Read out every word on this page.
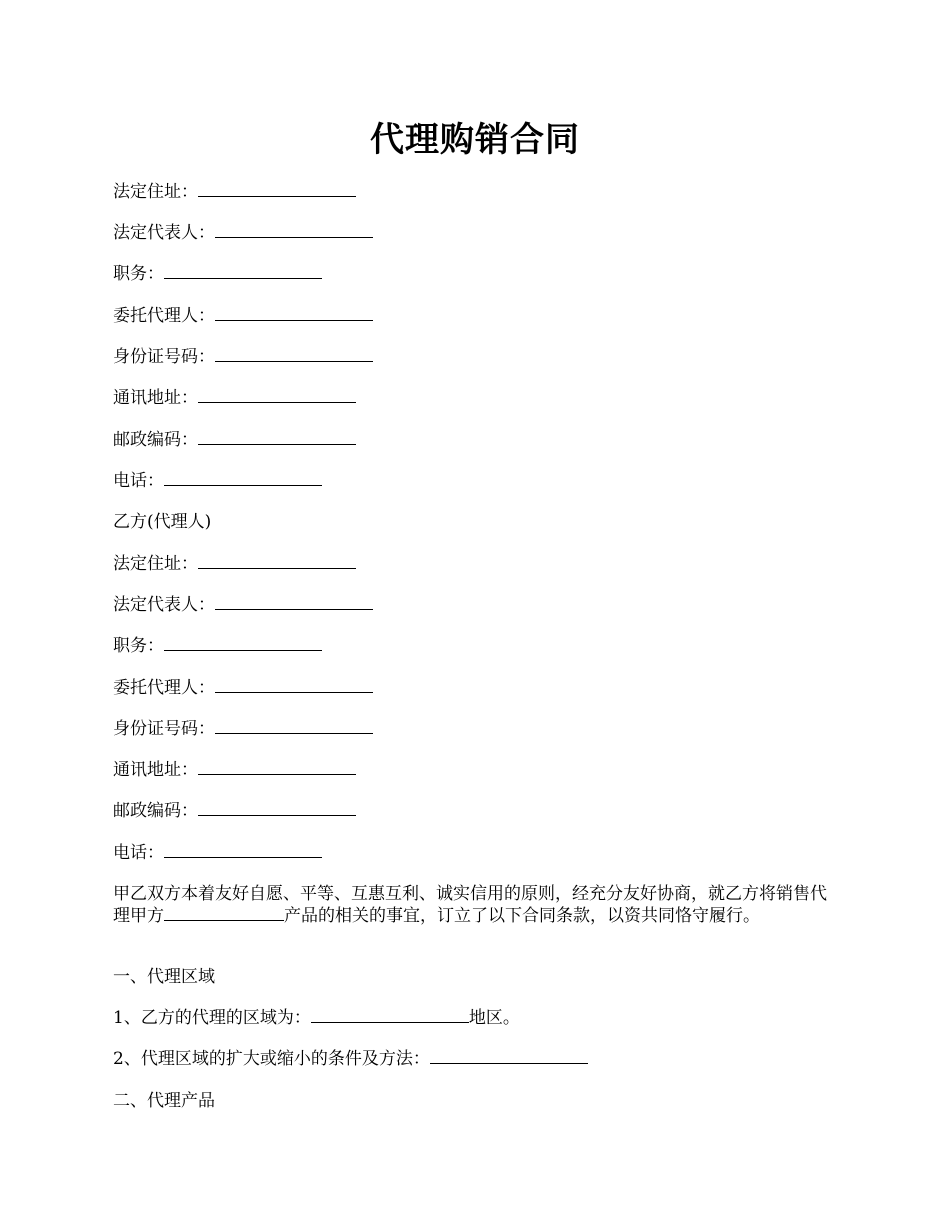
代理购销合同
法定住址：
法定代表人：
职务：
委托代理人：
身份证号码：
通讯地址：
邮政编码：
电话：
乙方(代理人)
法定住址：
法定代表人：
职务：
委托代理人：
身份证号码：
通讯地址：
邮政编码：
电话：
甲乙双方本着友好自愿、平等、互惠互利、诚实信用的原则，经充分友好协商，就乙方将销售代理甲方	产品的相关的事宜，订立了以下合同条款，以资共同恪守履行。
一、代理区域
1、乙方的代理的区域为：	地区。
2、代理区域的扩大或缩小的条件及方法：
二、代理产品
